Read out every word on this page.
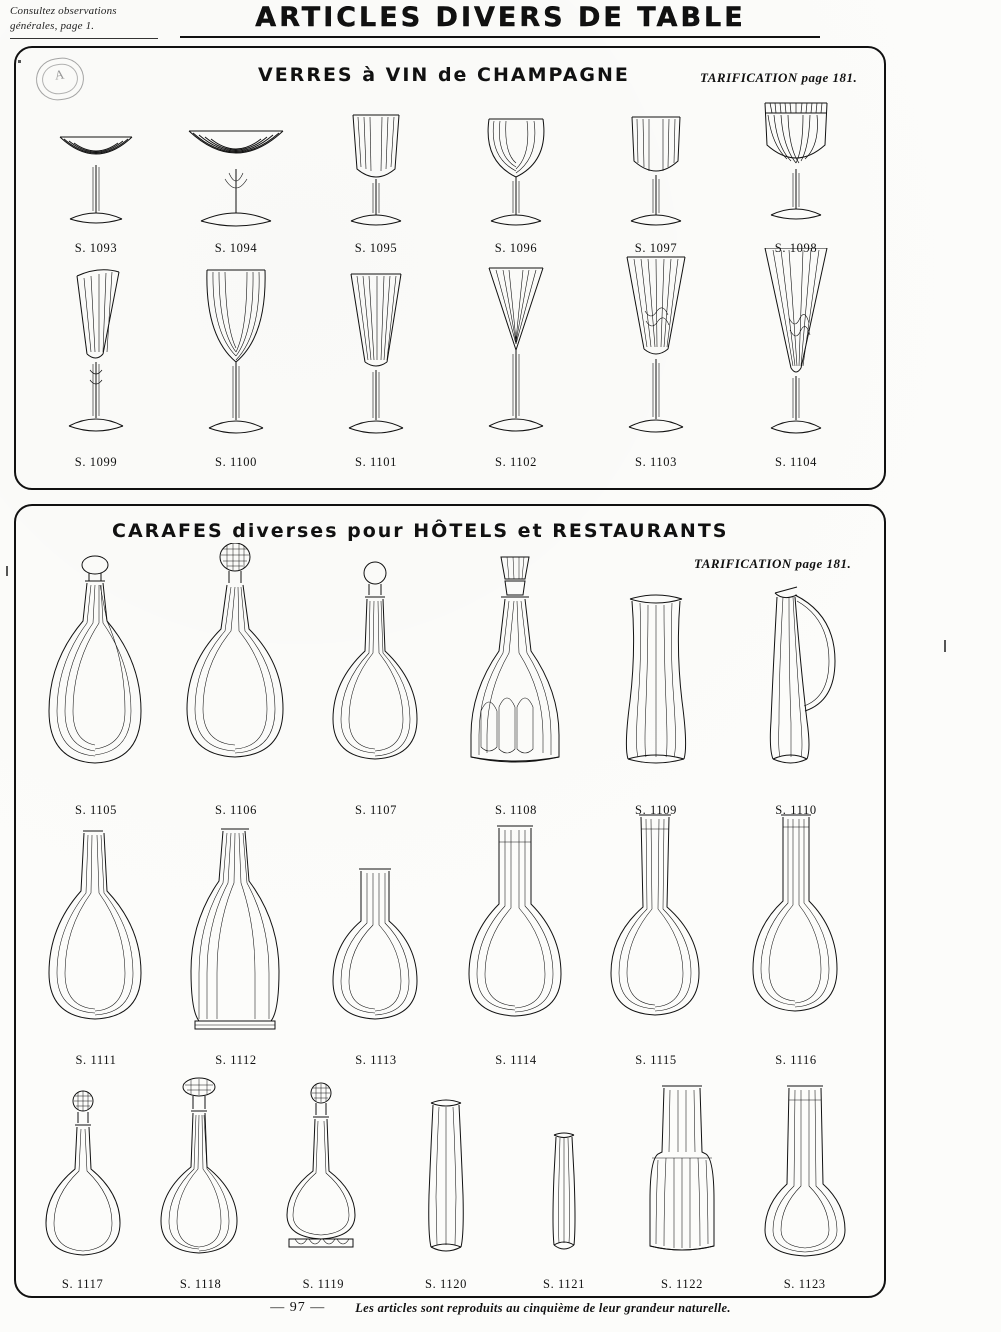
Consultez observations
générales, page 1.	ARTICLES DIVERS DE TABLE
A	VERRES à VIN de CHAMPAGNE	TARIFICATION page 181.
S. 1093	S. 1094	S. 1095	S. 1096	S. 1097	S. 1098
S. 1099	S. 1100	S. 1101	S. 1102	S. 1103	S. 1104
CARAFES diverses pour HÔTELS et RESTAURANTS
TARIFICATION page 181.
S. 1105	S. 1106	S. 1107	S. 1108	S. 1109	S. 1110
S. 1111	S. 1112	S. 1113	S. 1114	S. 1115	S. 1116
S. 1117	S. 1118	S. 1119	S. 1120	S. 1121	S. 1122	S. 1123
— 97 — Les articles sont reproduits au cinquième de leur grandeur naturelle.
